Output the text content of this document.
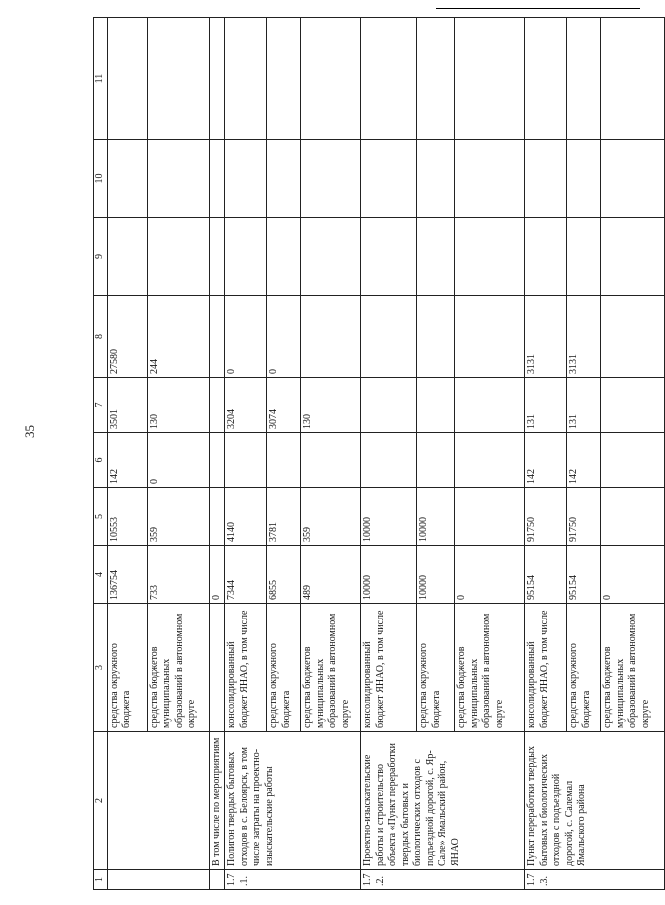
35
1	2	3	4	5	6	7	8	9	10	11
		средства окружного бюджета	136754	10553	142	3501	27580			
		средства бюджетов муниципальных образований в автономном округе	733	359	0	130	244			
	В том числе по мероприятиям		0							
1.7.1.	Полигон твердых бытовых отходов в с. Белоярск, в том числе затраты на проектно-изыскательские работы	консолидированный бюджет ЯНАО, в том числе	7344	4140		3204	0			
		средства окружного бюджета	6855	3781		3074	0			
		средства бюджетов муниципальных образований в автономном округе	489	359		130				
1.7.2.	Проектно-изыскательские работы и строительство объекта «Пункт переработки твердых бытовых и биологических отходов с подъездной дорогой, с. Яр-Сале» Ямальский район, ЯНАО	консолидированный бюджет ЯНАО, в том числе	10000	10000						
		средства окружного бюджета	10000	10000						
		средства бюджетов муниципальных образований в автономном округе	0							
1.7.3.	Пункт переработки твердых бытовых и биологических отходов с подъездной дорогой, с. Салемал Ямальского района	консолидированный бюджет ЯНАО, в том числе	95154	91750	142	131	3131			
		средства окружного бюджета	95154	91750	142	131	3131			
		средства бюджетов муниципальных образований в автономном округе	0							
